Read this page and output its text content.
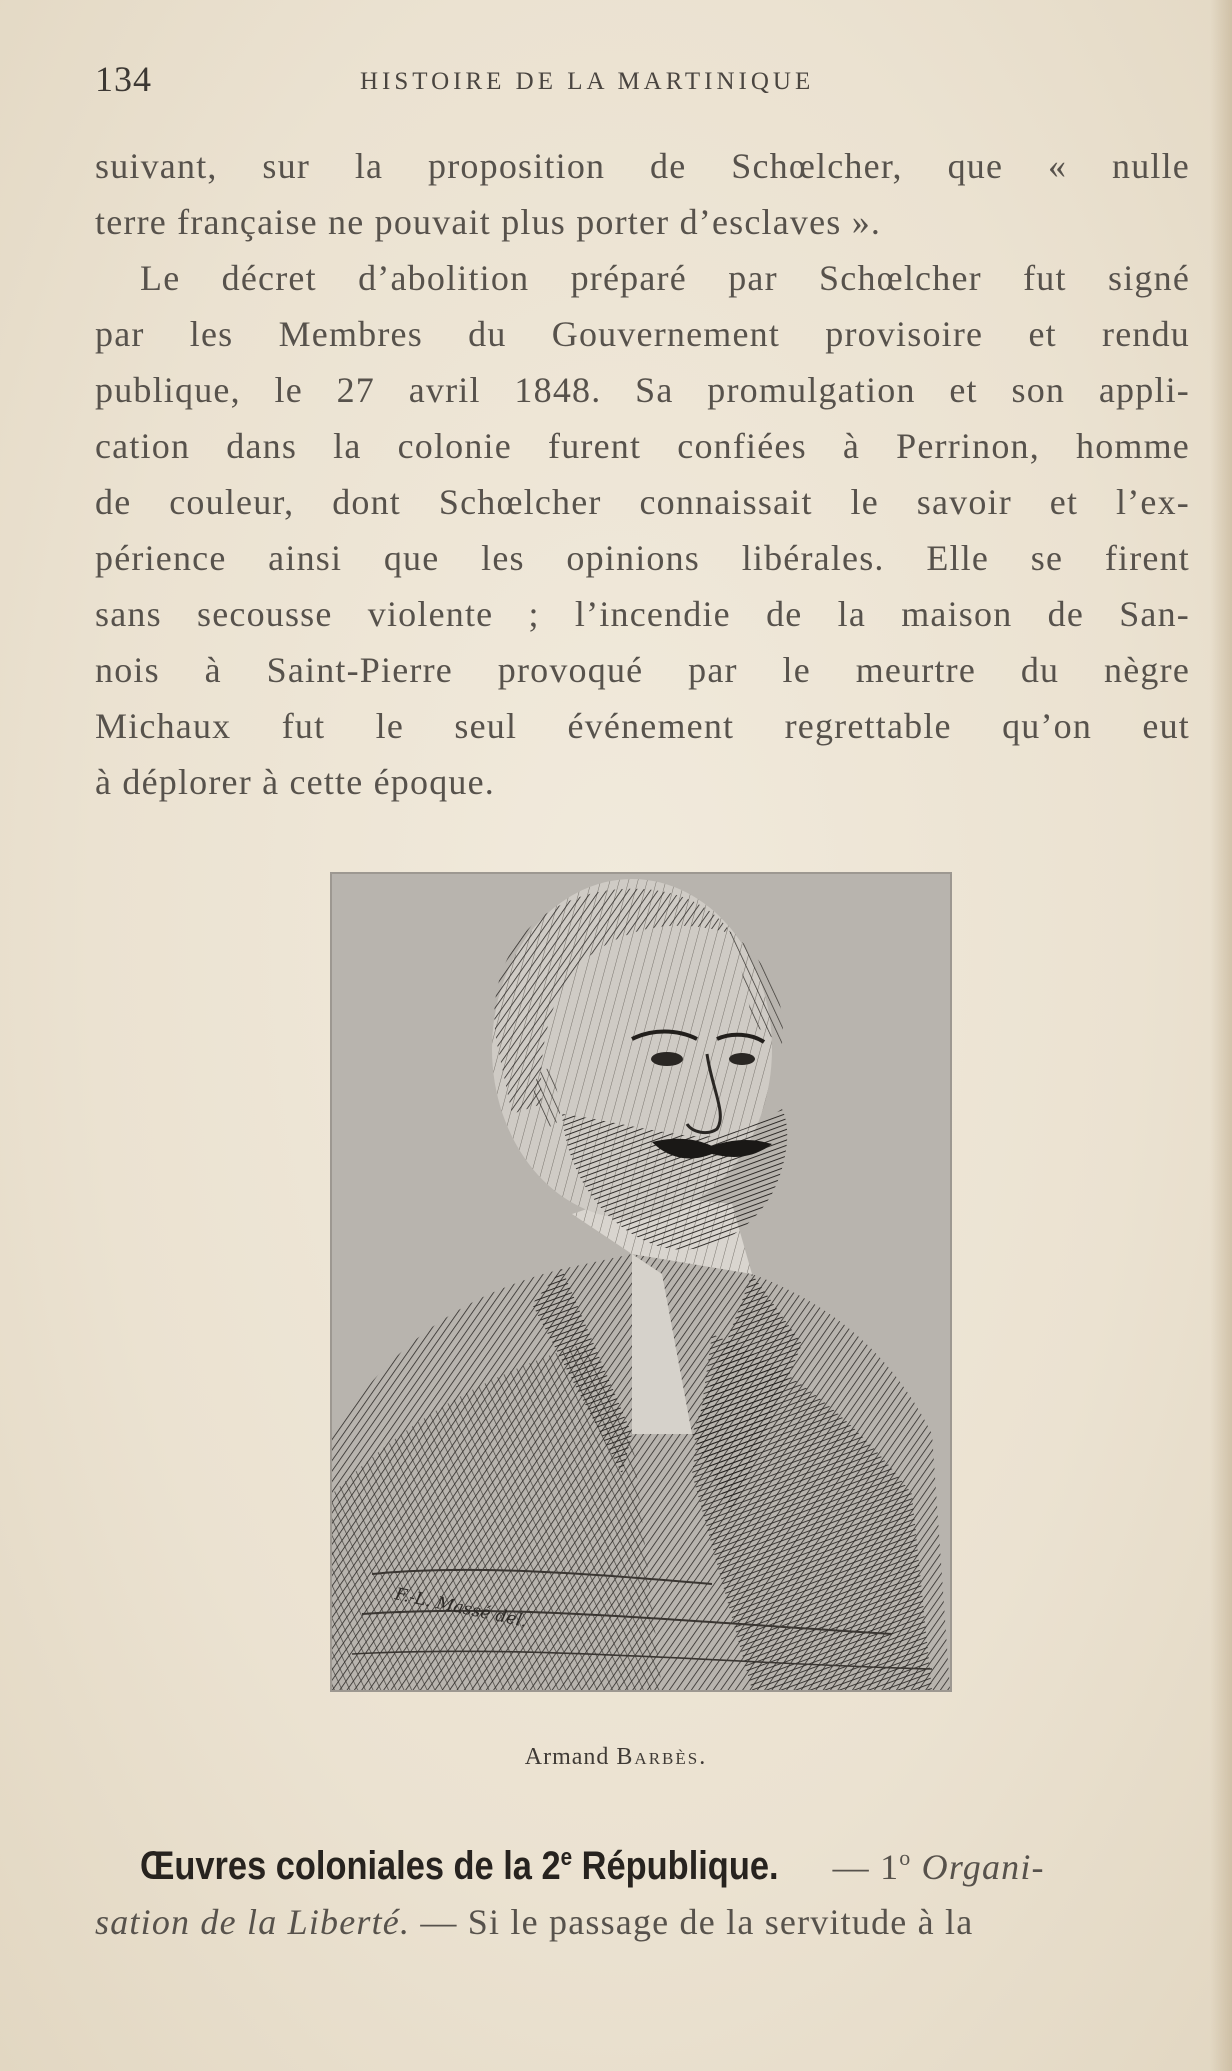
134	HISTOIRE DE LA MARTINIQUE
suivant, sur la proposition de Schœlcher, que « nulle
terre française ne pouvait plus porter d’esclaves ».
Le décret d’abolition préparé par Schœlcher fut signé
par les Membres du Gouvernement provisoire et rendu
publique, le 27 avril 1848. Sa promulgation et son appli-
cation dans la colonie furent confiées à Perrinon, homme
de couleur, dont Schœlcher connaissait le savoir et l’ex-
périence ainsi que les opinions libérales. Elle se firent
sans secousse violente ; l’incendie de la maison de San-
nois à Saint-Pierre provoqué par le meurtre du nègre
Michaux fut le seul événement regrettable qu’on eut
à déplorer à cette époque.
F.-L. Massé del.
Armand Barbès.
Œuvres coloniales de la 2e République. — 1$^o$ Organi-
sation de la Liberté. — Si le passage de la servitude à la
